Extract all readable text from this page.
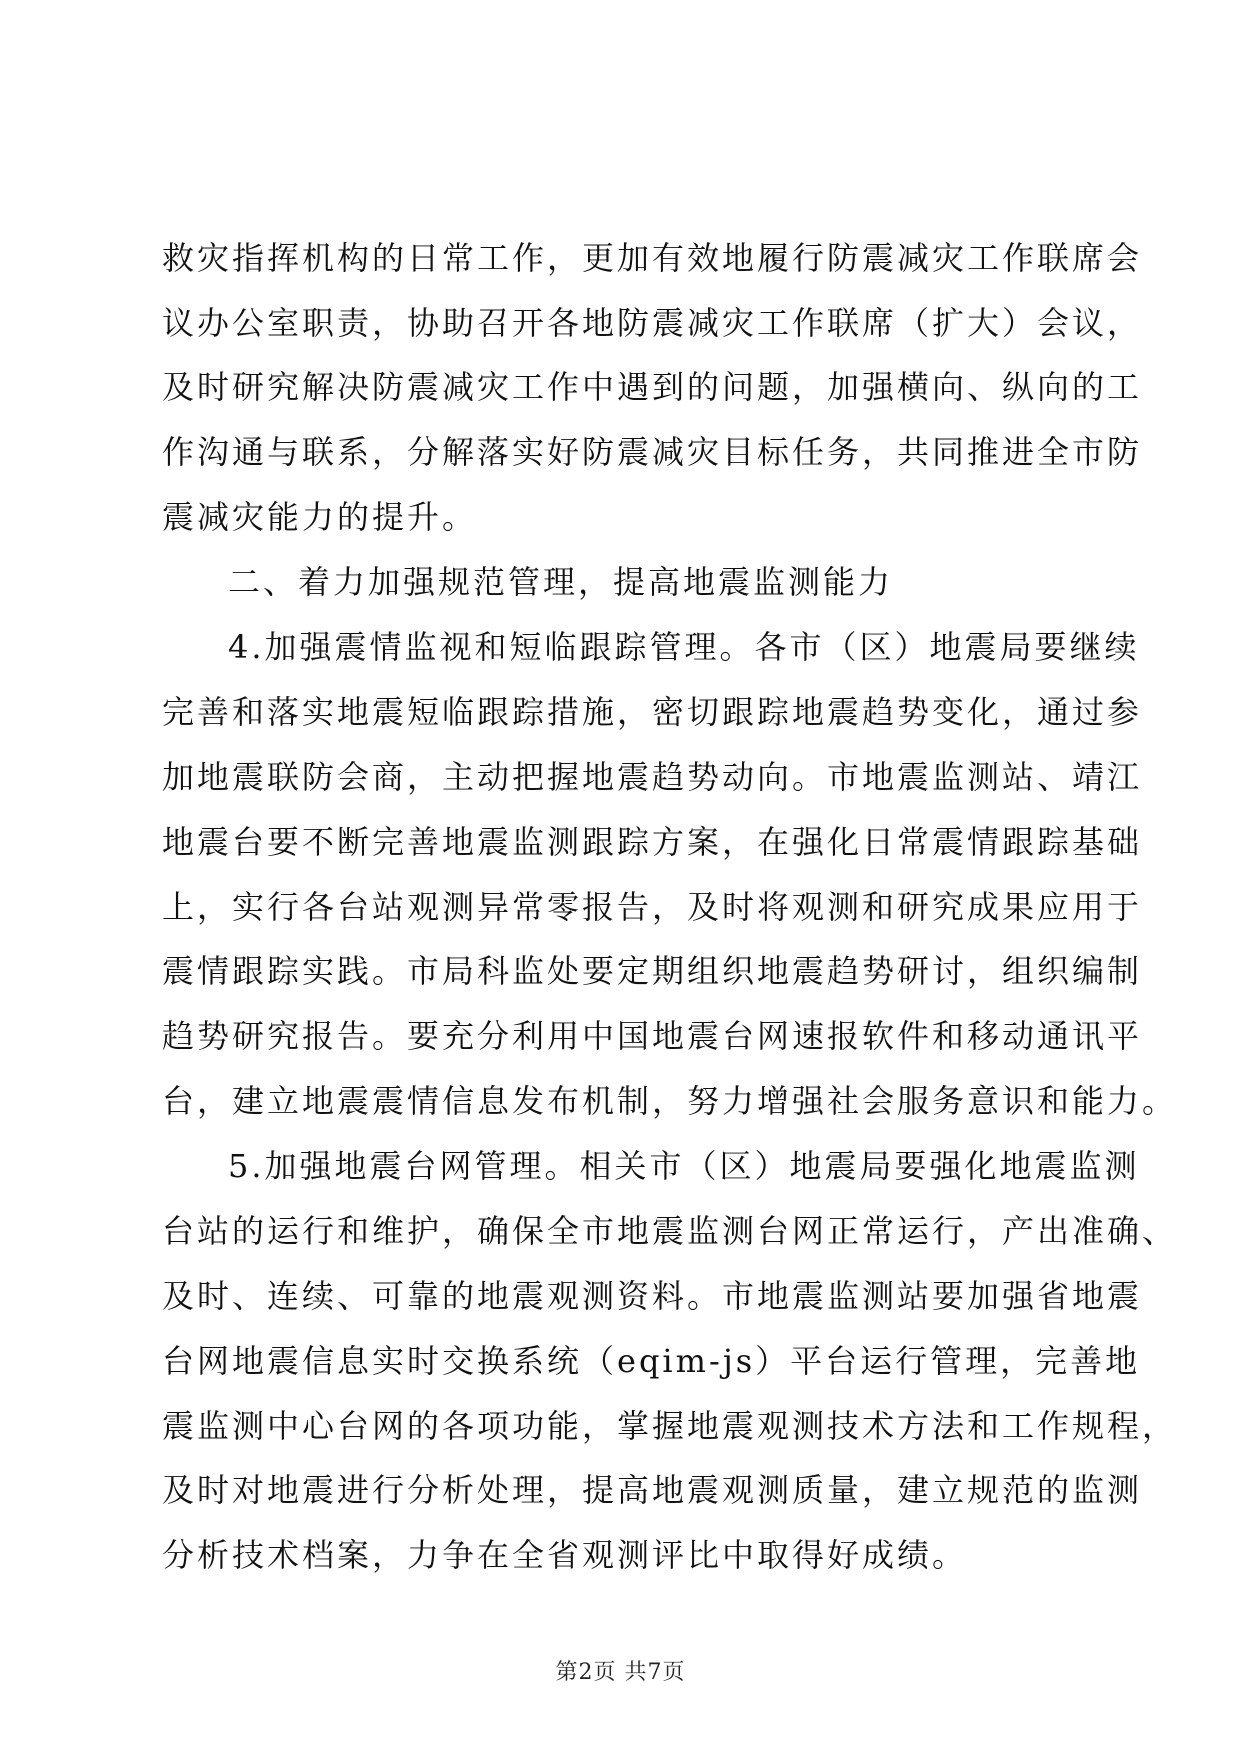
救灾指挥机构的日常工作，更加有效地履行防震减灾工作联席会
议办公室职责，协助召开各地防震减灾工作联席（扩大）会议，
及时研究解决防震减灾工作中遇到的问题，加强横向、纵向的工
作沟通与联系，分解落实好防震减灾目标任务，共同推进全市防
震减灾能力的提升。
二、着力加强规范管理，提高地震监测能力
4.加强震情监视和短临跟踪管理。各市（区）地震局要继续
完善和落实地震短临跟踪措施，密切跟踪地震趋势变化，通过参
加地震联防会商，主动把握地震趋势动向。市地震监测站、靖江
地震台要不断完善地震监测跟踪方案，在强化日常震情跟踪基础
上，实行各台站观测异常零报告，及时将观测和研究成果应用于
震情跟踪实践。市局科监处要定期组织地震趋势研讨，组织编制
趋势研究报告。要充分利用中国地震台网速报软件和移动通讯平
台，建立地震震情信息发布机制，努力增强社会服务意识和能力。
5.加强地震台网管理。相关市（区）地震局要强化地震监测
台站的运行和维护，确保全市地震监测台网正常运行，产出准确、
及时、连续、可靠的地震观测资料。市地震监测站要加强省地震
台网地震信息实时交换系统（eqim-js）平台运行管理，完善地
震监测中心台网的各项功能，掌握地震观测技术方法和工作规程，
及时对地震进行分析处理，提高地震观测质量，建立规范的监测
分析技术档案，力争在全省观测评比中取得好成绩。
第2页 共7页
